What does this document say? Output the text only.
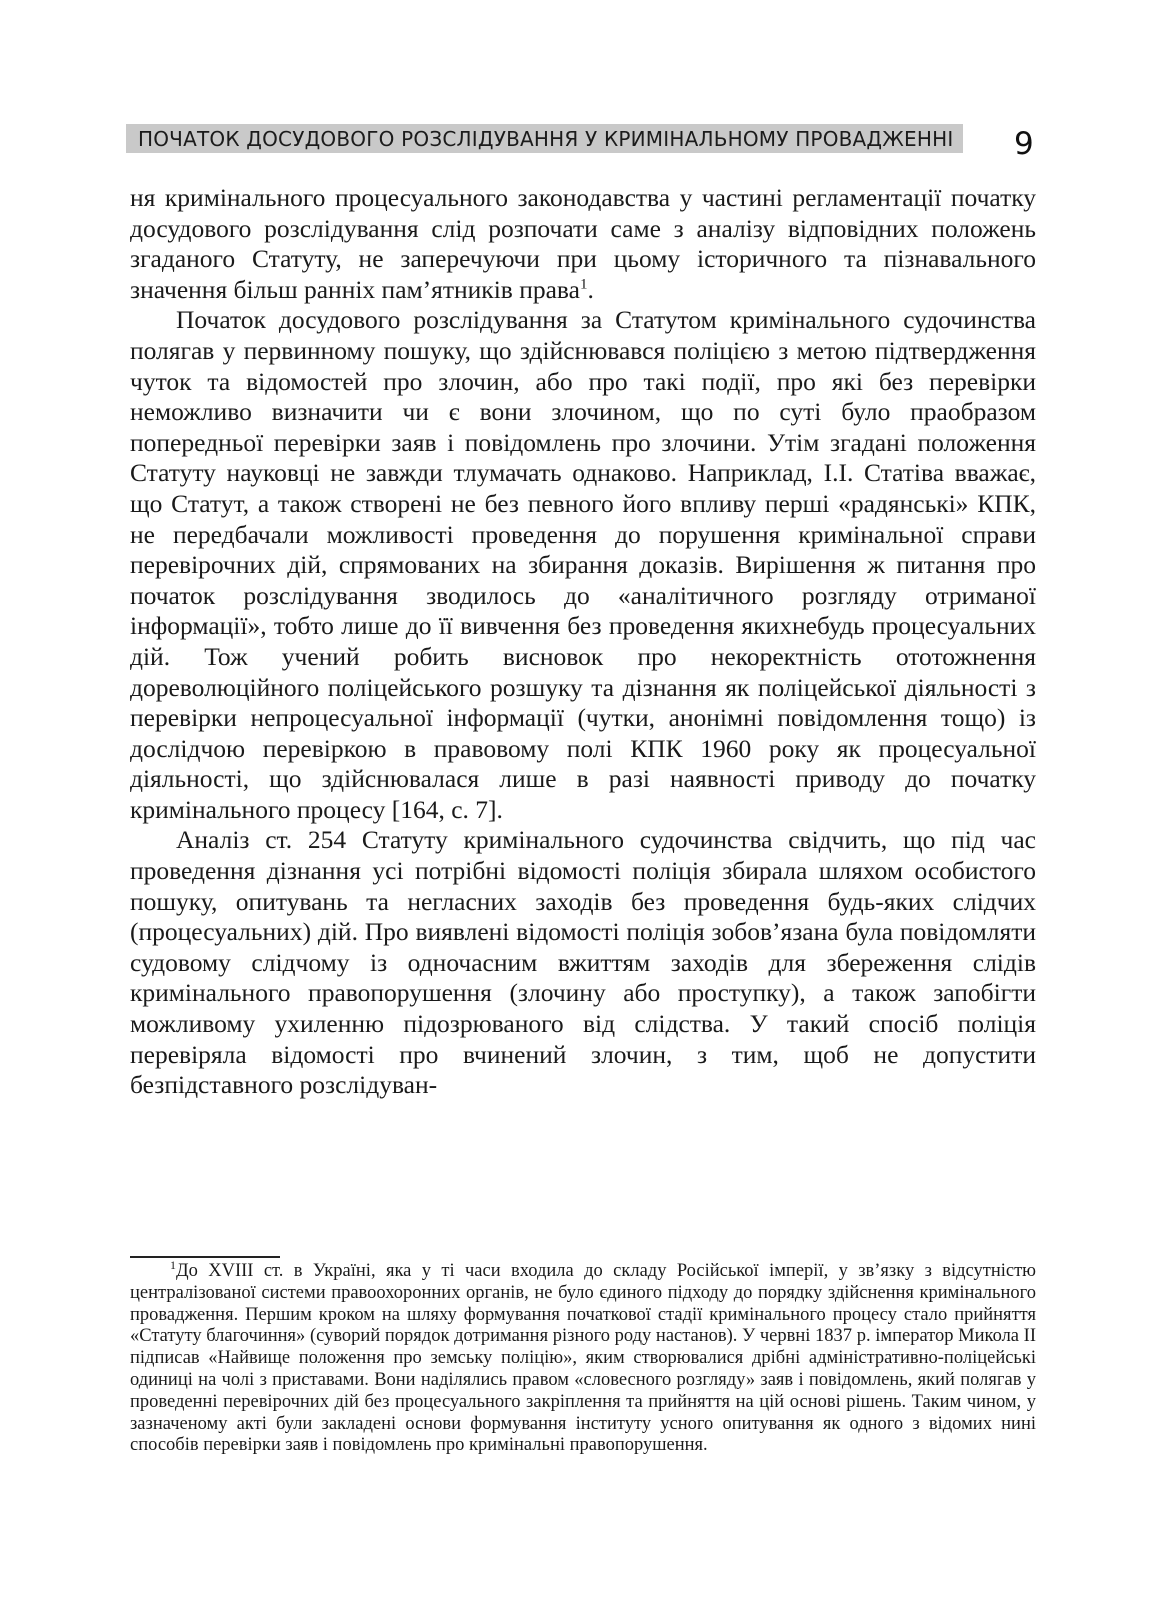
ПОЧАТОК ДОСУДОВОГО РОЗСЛІДУВАННЯ У КРИМІНАЛЬНОМУ ПРОВАДЖЕННІ	9

ня кримінального процесуального законодавства у частині регламентації початку досудового розслідування слід розпочати саме з аналізу відповідних положень згаданого Статуту, не заперечуючи при цьому історичного та пізнавального значення більш ранніх пам’ятників права$^1$.

Початок досудового розслідування за Статутом кримінального судочинства полягав у первинному пошуку, що здійснювався поліцією з метою підтвердження чуток та відомостей про злочин, або про такі події, про які без перевірки неможливо визначити чи є вони злочином, що по суті було праобразом попередньої перевірки заяв і повідомлень про злочини. Утім згадані положення Статуту науковці не завжди тлумачать однаково. Наприклад, І.І. Статіва вважає, що Статут, а також створені не без певного його впливу перші «радянські» КПК, не передбачали можливості проведення до порушення кримінальної справи перевірочних дій, спрямованих на збирання доказів. Вирішення ж питання про початок розслідування зводилось до «аналітичного розгляду отриманої інформації», тобто лише до її вивчення без проведення якихнебудь процесуальних дій. Тож учений робить висновок про некоректність ототожнення дореволюційного поліцейського розшуку та дізнання як поліцейської діяльності з перевірки непроцесуальної інформації (чутки, анонімні повідомлення тощо) із дослідчою перевіркою в правовому полі КПК 1960 року як процесуальної діяльності, що здійснювалася лише в разі наявності приводу до початку кримінального процесу [164, с. 7].

Аналіз ст. 254 Статуту кримінального судочинства свідчить, що під час проведення дізнання усі потрібні відомості поліція збирала шляхом особистого пошуку, опитувань та негласних заходів без проведення будь-яких слідчих (процесуальних) дій. Про виявлені відомості поліція зобов’язана була повідомляти судовому слідчому із одночасним вжиттям заходів для збереження слідів кримінального правопорушення (злочину або проступку), а також запобігти можливому ухиленню підозрюваного від слідства. У такий спосіб поліція перевіряла відомості про вчинений злочин, з тим, щоб не допустити безпідставного розслідуван-

$^1$До XVIII ст. в Україні, яка у ті часи входила до складу Російської імперії, у зв’язку з відсутністю централізованої системи правоохоронних органів, не було єдиного підходу до порядку здійснення кримінального провадження. Першим кроком на шляху формування початкової стадії кримінального процесу стало прийняття «Статуту благочиння» (суворий порядок дотримання різного роду настанов). У червні 1837 р. імператор Микола ІІ підписав «Найвище положення про земську поліцію», яким створювалися дрібні адміністративно-поліцейські одиниці на чолі з приставами. Вони наділялись правом «словесного розгляду» заяв і повідомлень, який полягав у проведенні перевірочних дій без процесуального закріплення та прийняття на цій основі рішень. Таким чином, у зазначеному акті були закладені основи формування інституту усного опитування як одного з відомих нині способів перевірки заяв і повідомлень про кримінальні правопорушення.
